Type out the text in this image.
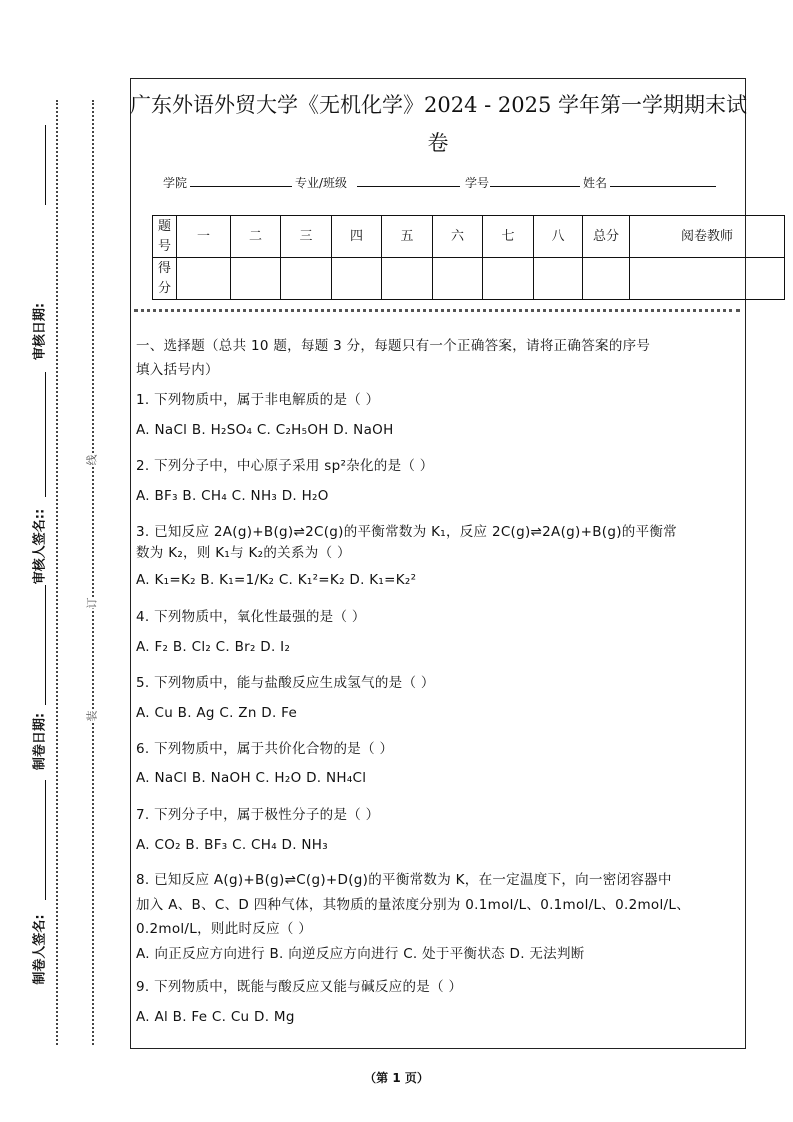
审核日期:
审核人签名::
制卷日期:
制卷人签名:
线
订
装
广东外语外贸大学《无机化学》2024 - 2025 学年第一学期期末试
卷
学院	专业/班级	学号	姓名
题号	一	二	三	四	五	六	七	八	总分	阅卷教师
得分										
一、选择题（总共 10 题，每题 3 分，每题只有一个正确答案，请将正确答案的序号
填入括号内）
1. 下列物质中，属于非电解质的是（ ）
A. NaCl B. H₂SO₄ C. C₂H₅OH D. NaOH
2. 下列分子中，中心原子采用 sp²杂化的是（ ）
A. BF₃ B. CH₄ C. NH₃ D. H₂O
3. 已知反应 2A(g)+B(g)⇌2C(g)的平衡常数为 K₁，反应 2C(g)⇌2A(g)+B(g)的平衡常
数为 K₂，则 K₁与 K₂的关系为（ ）
A. K₁=K₂ B. K₁=1/K₂ C. K₁²=K₂ D. K₁=K₂²
4. 下列物质中，氧化性最强的是（ ）
A. F₂ B. Cl₂ C. Br₂ D. I₂
5. 下列物质中，能与盐酸反应生成氢气的是（ ）
A. Cu B. Ag C. Zn D. Fe
6. 下列物质中，属于共价化合物的是（ ）
A. NaCl B. NaOH C. H₂O D. NH₄Cl
7. 下列分子中，属于极性分子的是（ ）
A. CO₂ B. BF₃ C. CH₄ D. NH₃
8. 已知反应 A(g)+B(g)⇌C(g)+D(g)的平衡常数为 K，在一定温度下，向一密闭容器中
加入 A、B、C、D 四种气体，其物质的量浓度分别为 0.1mol/L、0.1mol/L、0.2mol/L、
0.2mol/L，则此时反应（ ）
A. 向正反应方向进行 B. 向逆反应方向进行 C. 处于平衡状态 D. 无法判断
9. 下列物质中，既能与酸反应又能与碱反应的是（ ）
A. Al B. Fe C. Cu D. Mg
（第 1 页）
